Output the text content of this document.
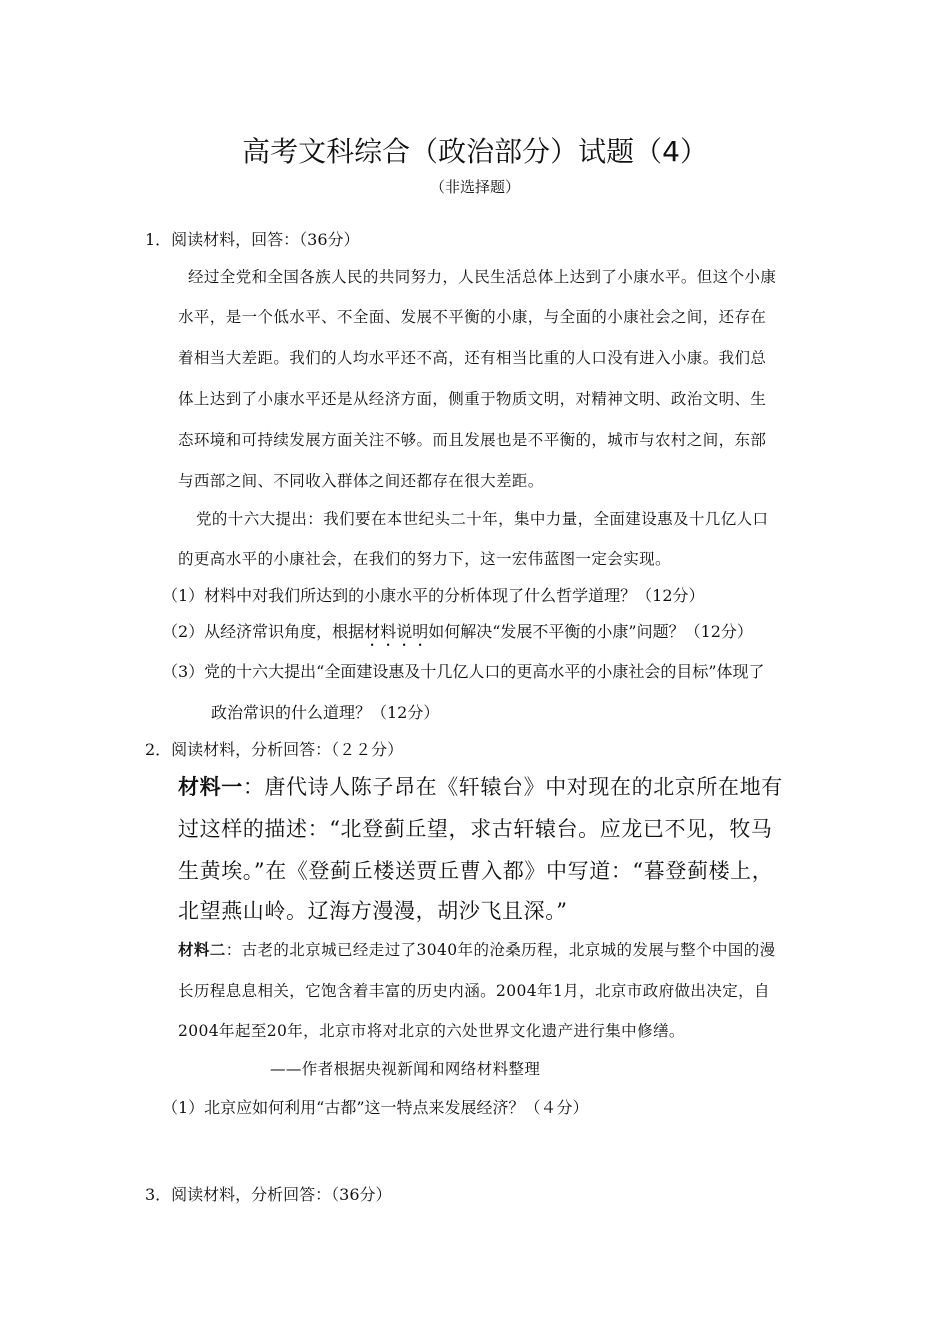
高考文科综合（政治部分）试题（4）
（非选择题）
1．阅读材料，回答：（36分）
经过全党和全国各族人民的共同努力，人民生活总体上达到了小康水平。但这个小康
水平，是一个低水平、不全面、发展不平衡的小康，与全面的小康社会之间，还存在
着相当大差距。我们的人均水平还不高，还有相当比重的人口没有进入小康。我们总
体上达到了小康水平还是从经济方面，侧重于物质文明，对精神文明、政治文明、生
态环境和可持续发展方面关注不够。而且发展也是不平衡的，城市与农村之间，东部
与西部之间、不同收入群体之间还都存在很大差距。
党的十六大提出：我们要在本世纪头二十年，集中力量，全面建设惠及十几亿人口
的更高水平的小康社会，在我们的努力下，这一宏伟蓝图一定会实现。
（1）材料中对我们所达到的小康水平的分析体现了什么哲学道理？（12分）
（2）从经济常识角度，根据材料说明如何解决“发展不平衡的小康”问题？（12分）
（3）党的十六大提出“全面建设惠及十几亿人口的更高水平的小康社会的目标”体现了
政治常识的什么道理？（12分）
2．阅读材料，分析回答：（２２分）
材料一：唐代诗人陈子昂在《轩辕台》中对现在的北京所在地有
过这样的描述：“北登蓟丘望，求古轩辕台。应龙已不见，牧马
生黄埃。”在《登蓟丘楼送贾丘曹入都》中写道：“暮登蓟楼上，
北望燕山岭。辽海方漫漫，胡沙飞且深。”
材料二：古老的北京城已经走过了3040年的沧桑历程，北京城的发展与整个中国的漫
长历程息息相关，它饱含着丰富的历史内涵。2004年1月，北京市政府做出决定，自
2004年起至20年，北京市将对北京的六处世界文化遗产进行集中修缮。
——作者根据央视新闻和网络材料整理
（1）北京应如何利用“古都”这一特点来发展经济？（４分）
3．阅读材料，分析回答：（36分）
